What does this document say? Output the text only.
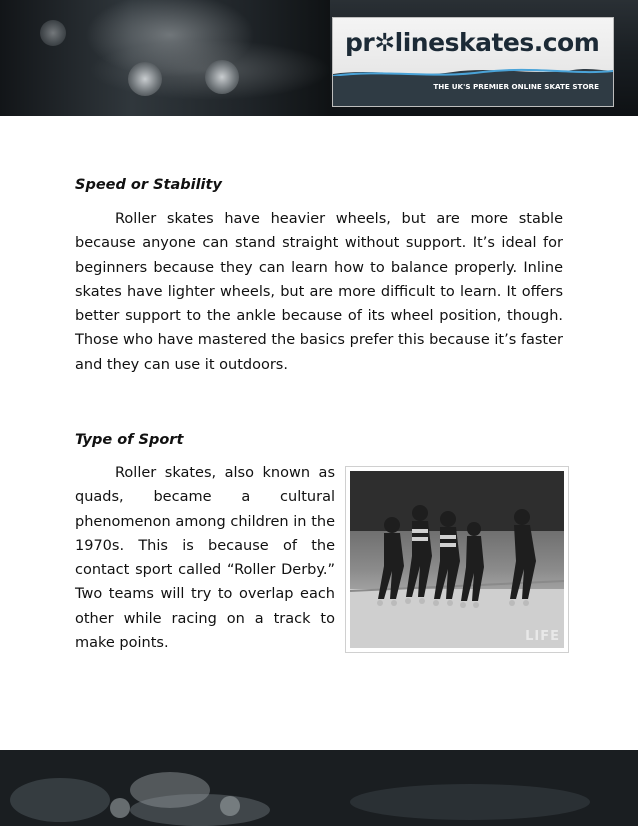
pr✲lineskates.com
THE UK'S PREMIER ONLINE SKATE STORE
Speed or Stability

Roller skates have heavier wheels, but are more stable because anyone can stand straight without support. It’s ideal for beginners because they can learn how to balance properly. Inline skates have lighter wheels, but are more difficult to learn. It offers better support to the ankle because of its wheel position, though. Those who have mastered the basics prefer this because it’s faster and they can use it outdoors.

Type of Sport

Roller skates, also known as quads, became a cultural phenomenon among children in the 1970s. This is because of the contact sport called “Roller Derby.” Two teams will try to overlap each other while racing on a track to make points.	LIFE
